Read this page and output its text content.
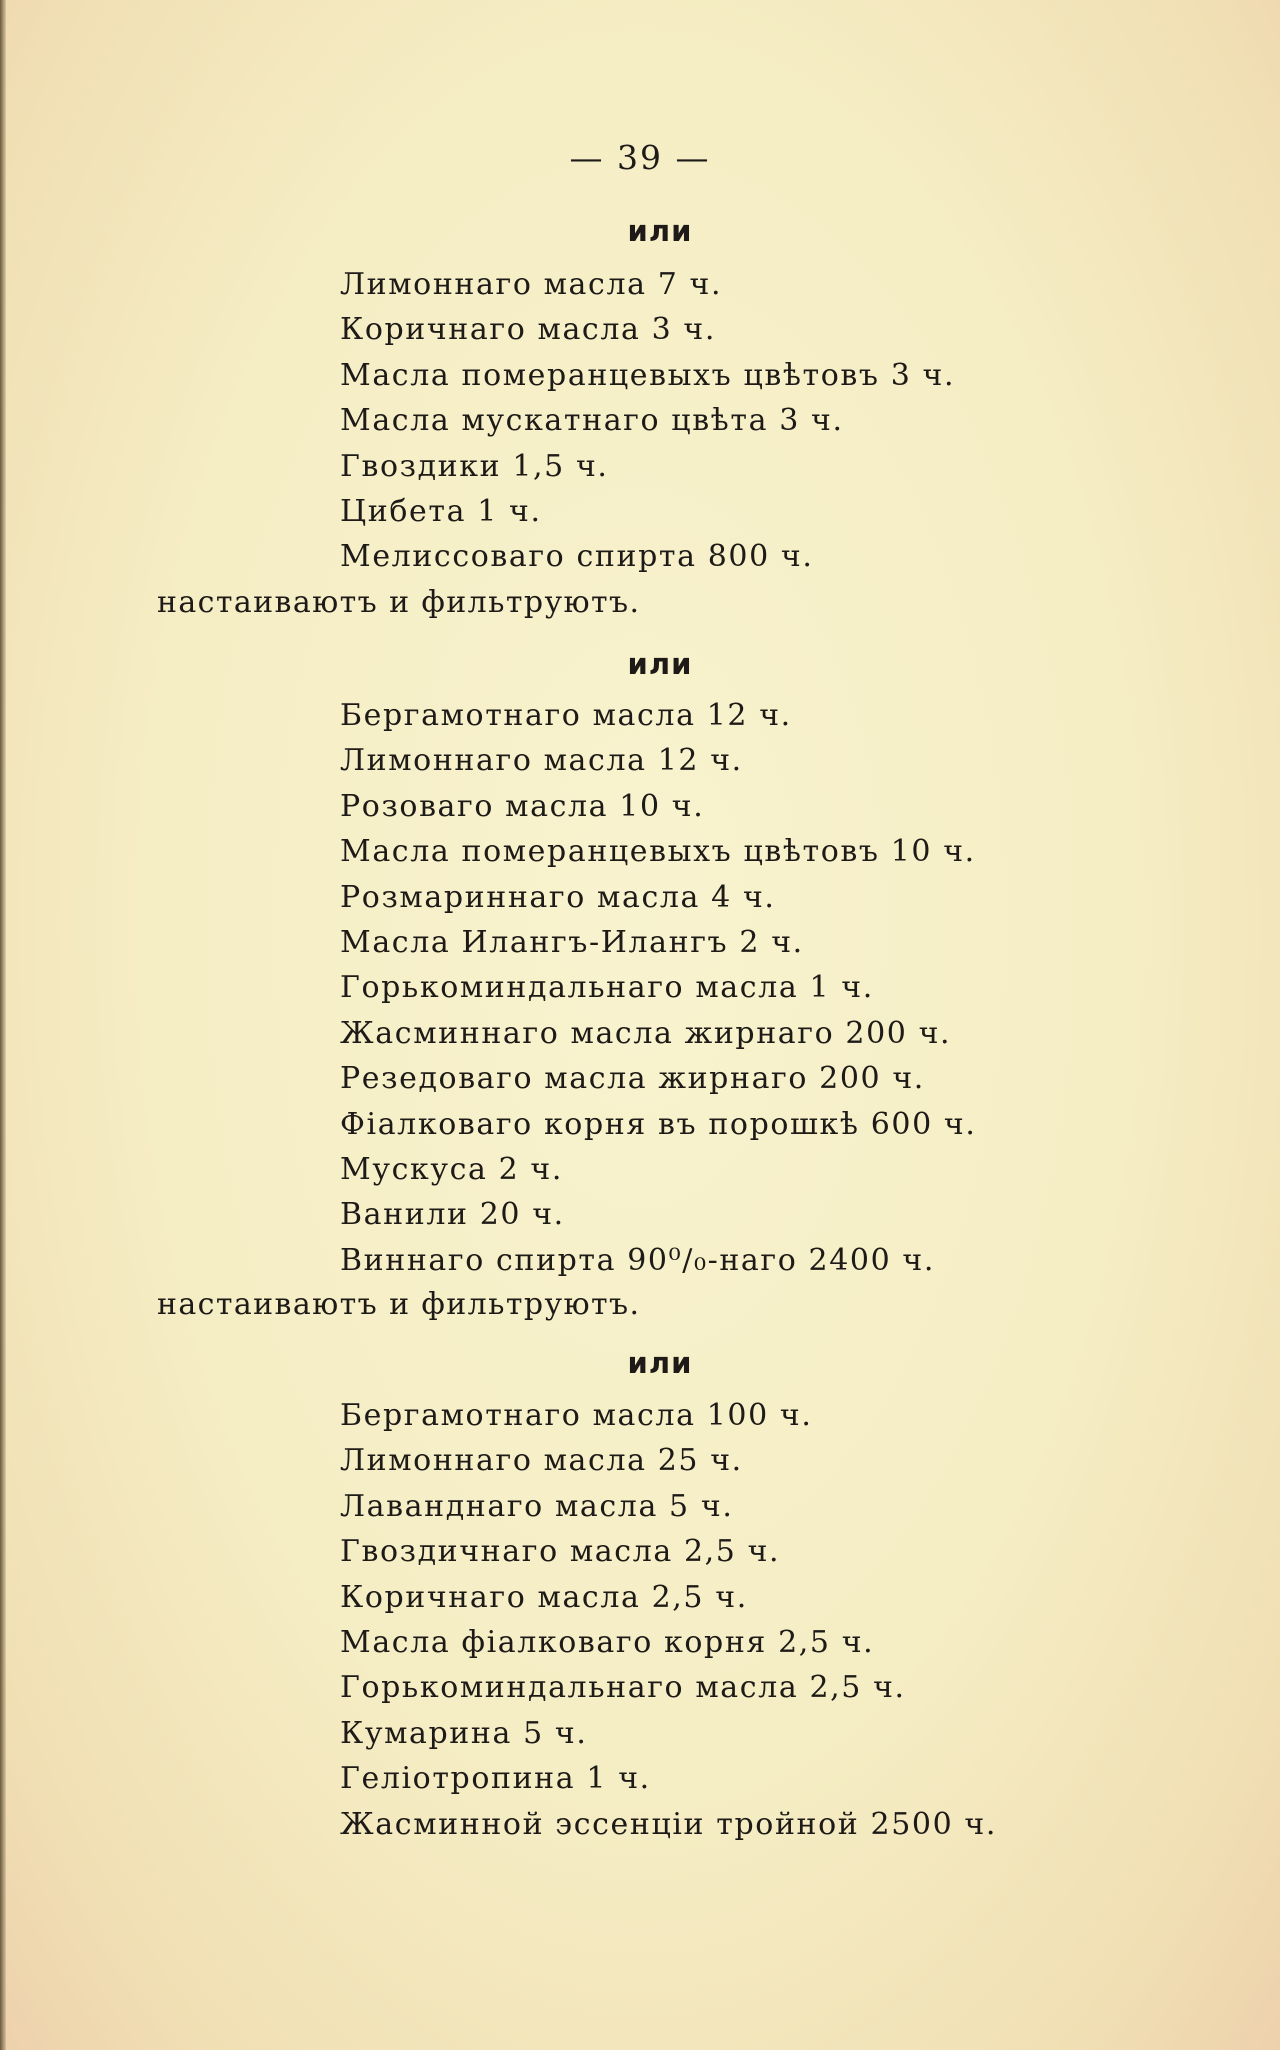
— 39 —
или
Лимоннаго масла 7 ч.
Коричнаго масла 3 ч.
Масла померанцевыхъ цвѣтовъ 3 ч.
Масла мускатнаго цвѣта 3 ч.
Гвоздики 1,5 ч.
Цибета 1 ч.
Мелиссоваго спирта 800 ч.
настаиваютъ и фильтруютъ.
или
Бергамотнаго масла 12 ч.
Лимоннаго масла 12 ч.
Розоваго масла 10 ч.
Масла померанцевыхъ цвѣтовъ 10 ч.
Розмариннаго масла 4 ч.
Масла Илангъ-Илангъ 2 ч.
Горькоминдальнаго масла 1 ч.
Жасминнаго масла жирнаго 200 ч.
Резедоваго масла жирнаго 200 ч.
Фіалковаго корня въ порошкѣ 600 ч.
Мускуса 2 ч.
Ванили 20 ч.
Виннаго спирта 90⁰/₀-наго 2400 ч.
настаиваютъ и фильтруютъ.
или
Бергамотнаго масла 100 ч.
Лимоннаго масла 25 ч.
Лаванднаго масла 5 ч.
Гвоздичнаго масла 2,5 ч.
Коричнаго масла 2,5 ч.
Масла фіалковаго корня 2,5 ч.
Горькоминдальнаго масла 2,5 ч.
Кумарина 5 ч.
Геліотропина 1 ч.
Жасминной эссенціи тройной 2500 ч.
